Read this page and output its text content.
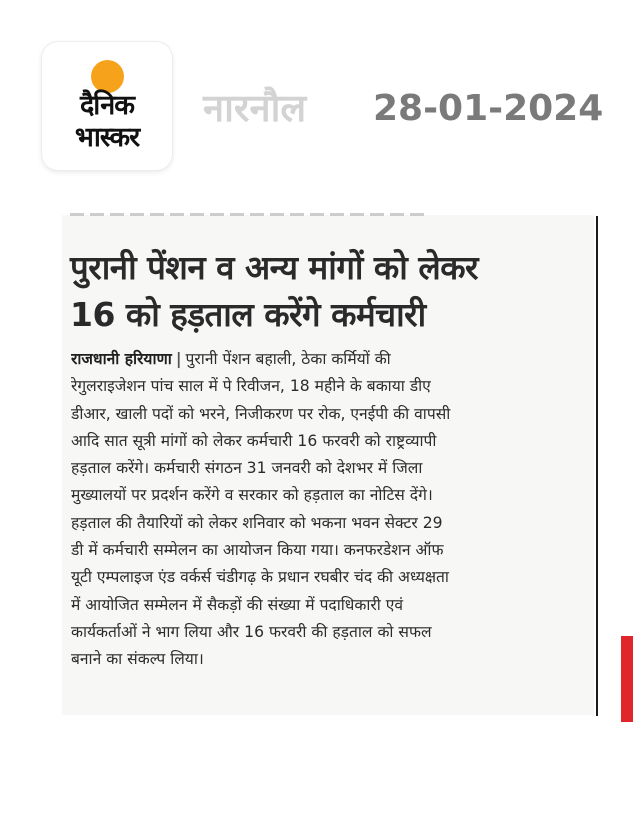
दैनिक
भास्कर
नारनौल 28-01-2024
पुरानी पेंशन व अन्य मांगों को लेकर
16 को हड़ताल करेंगे कर्मचारी
राजधानी हरियाणा | पुरानी पेंशन बहाली, ठेका कर्मियों की
रेगुलराइजेशन पांच साल में पे रिवीजन, 18 महीने के बकाया डीए
डीआर, खाली पदों को भरने, निजीकरण पर रोक, एनईपी की वापसी
आदि सात सूत्री मांगों को लेकर कर्मचारी 16 फरवरी को राष्ट्रव्यापी
हड़ताल करेंगे। कर्मचारी संगठन 31 जनवरी को देशभर में जिला
मुख्यालयों पर प्रदर्शन करेंगे व सरकार को हड़ताल का नोटिस देंगे।
हड़ताल की तैयारियों को लेकर शनिवार को भकना भवन सेक्टर 29
डी में कर्मचारी सम्मेलन का आयोजन किया गया। कनफरडेशन ऑफ
यूटी एम्पलाइज एंड वर्कर्स चंडीगढ़ के प्रधान रघबीर चंद की अध्यक्षता
में आयोजित सम्मेलन में सैकड़ों की संख्या में पदाधिकारी एवं
कार्यकर्ताओं ने भाग लिया और 16 फरवरी की हड़ताल को सफल
बनाने का संकल्प लिया।
